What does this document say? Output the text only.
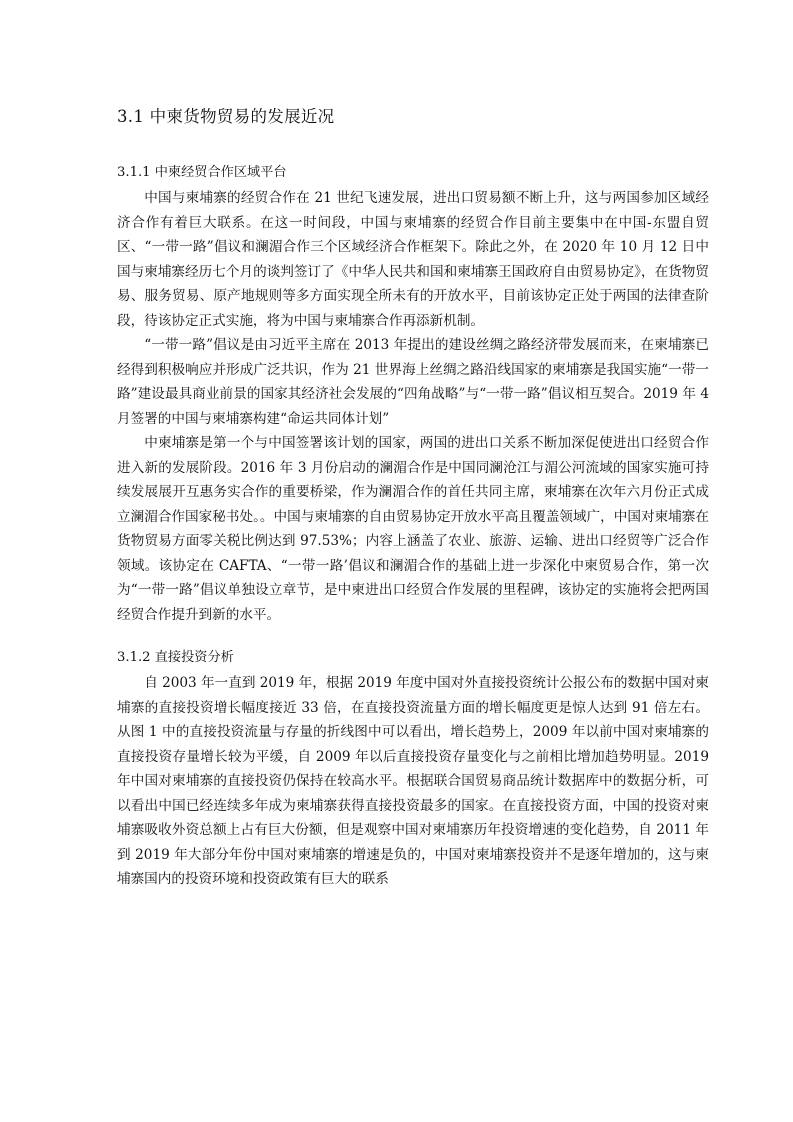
3.1 中柬货物贸易的发展近况
3.1.1 中柬经贸合作区域平台

中国与柬埔寨的经贸合作在 21 世纪飞速发展，进出口贸易额不断上升，这与两国参加区域经济合作有着巨大联系。在这一时间段，中国与柬埔寨的经贸合作目前主要集中在中国-东盟自贸区、“一带一路”倡议和澜湄合作三个区域经济合作框架下。除此之外，在 2020 年 10 月 12 日中国与柬埔寨经历七个月的谈判签订了《中华人民共和国和柬埔寨王国政府自由贸易协定》，在货物贸易、服务贸易、原产地规则等多方面实现全所未有的开放水平，目前该协定正处于两国的法律查阶段，待该协定正式实施，将为中国与柬埔寨合作再添新机制。

“一带一路”倡议是由习近平主席在 2013 年提出的建设丝绸之路经济带发展而来，在柬埔寨已经得到积极响应并形成广泛共识，作为 21 世界海上丝绸之路沿线国家的柬埔寨是我国实施“一带一路”建设最具商业前景的国家其经济社会发展的“四角战略”与“一带一路”倡议相互契合。2019 年 4 月签署的中国与柬埔寨构建“命运共同体计划”

中柬埔寨是第一个与中国签署该计划的国家，两国的进出口关系不断加深促使进出口经贸合作进入新的发展阶段。2016 年 3 月份启动的澜湄合作是中国同澜沧江与湄公河流域的国家实施可持续发展展开互惠务实合作的重要桥梁，作为澜湄合作的首任共同主席，柬埔寨在次年六月份正式成立澜湄合作国家秘书处。。中国与柬埔寨的自由贸易协定开放水平高且覆盖领域广，中国对柬埔寨在货物贸易方面零关税比例达到 97.53%；内容上涵盖了农业、旅游、运输、进出口经贸等广泛合作领域。该协定在 CAFTA、“一带一路’倡议和澜湄合作的基础上进一步深化中柬贸易合作，第一次为“一带一路”倡议单独设立章节，是中柬进出口经贸合作发展的里程碑，该协定的实施将会把两国经贸合作提升到新的水平。

3.1.2 直接投资分析

自 2003 年一直到 2019 年，根据 2019 年度中国对外直接投资统计公报公布的数据中国对柬埔寨的直接投资增长幅度接近 33 倍，在直接投资流量方面的增长幅度更是惊人达到 91 倍左右。从图 1 中的直接投资流量与存量的折线图中可以看出，增长趋势上，2009 年以前中国对柬埔寨的直接投资存量增长较为平缓，自 2009 年以后直接投资存量变化与之前相比增加趋势明显。2019 年中国对柬埔寨的直接投资仍保持在较高水平。根据联合国贸易商品统计数据库中的数据分析，可以看出中国已经连续多年成为柬埔寨获得直接投资最多的国家。在直接投资方面，中国的投资对柬埔寨吸收外资总额上占有巨大份额，但是观察中国对柬埔寨历年投资增速的变化趋势，自 2011 年到 2019 年大部分年份中国对柬埔寨的增速是负的，中国对柬埔寨投资并不是逐年增加的，这与柬埔寨国内的投资环境和投资政策有巨大的联系
